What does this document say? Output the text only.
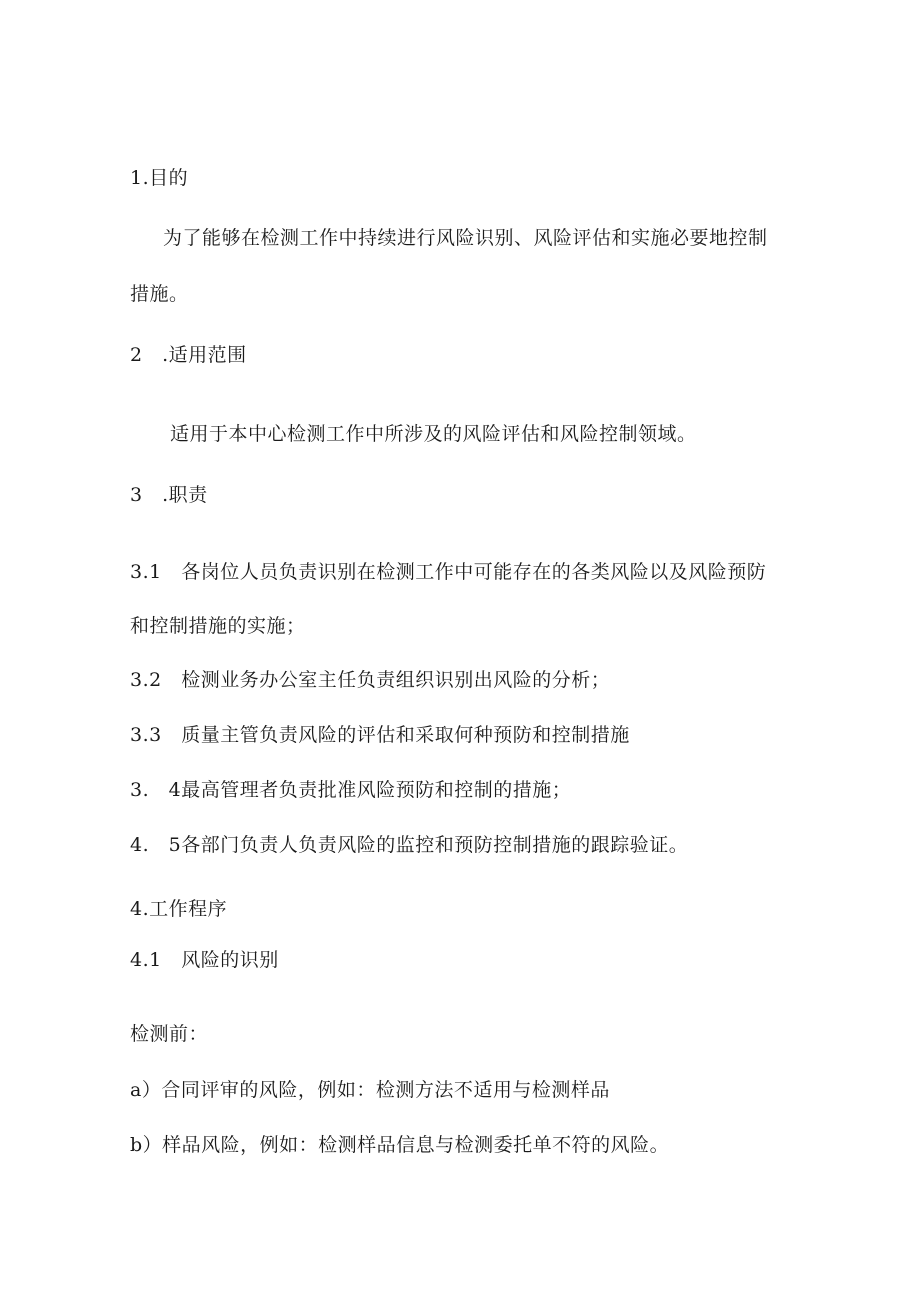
1.目的
为了能够在检测工作中持续进行风险识别、风险评估和实施必要地控制
措施。
2　.适用范围
适用于本中心检测工作中所涉及的风险评估和风险控制领域。
3　.职责
3.1　各岗位人员负责识别在检测工作中可能存在的各类风险以及风险预防
和控制措施的实施；
3.2　检测业务办公室主任负责组织识别出风险的分析；
3.3　质量主管负责风险的评估和采取何种预防和控制措施
3.　4最高管理者负责批准风险预防和控制的措施；
4.　5各部门负责人负责风险的监控和预防控制措施的跟踪验证。
4.工作程序
4.1　风险的识别
检测前：
a）合同评审的风险，例如：检测方法不适用与检测样品
b）样品风险，例如：检测样品信息与检测委托单不符的风险。
